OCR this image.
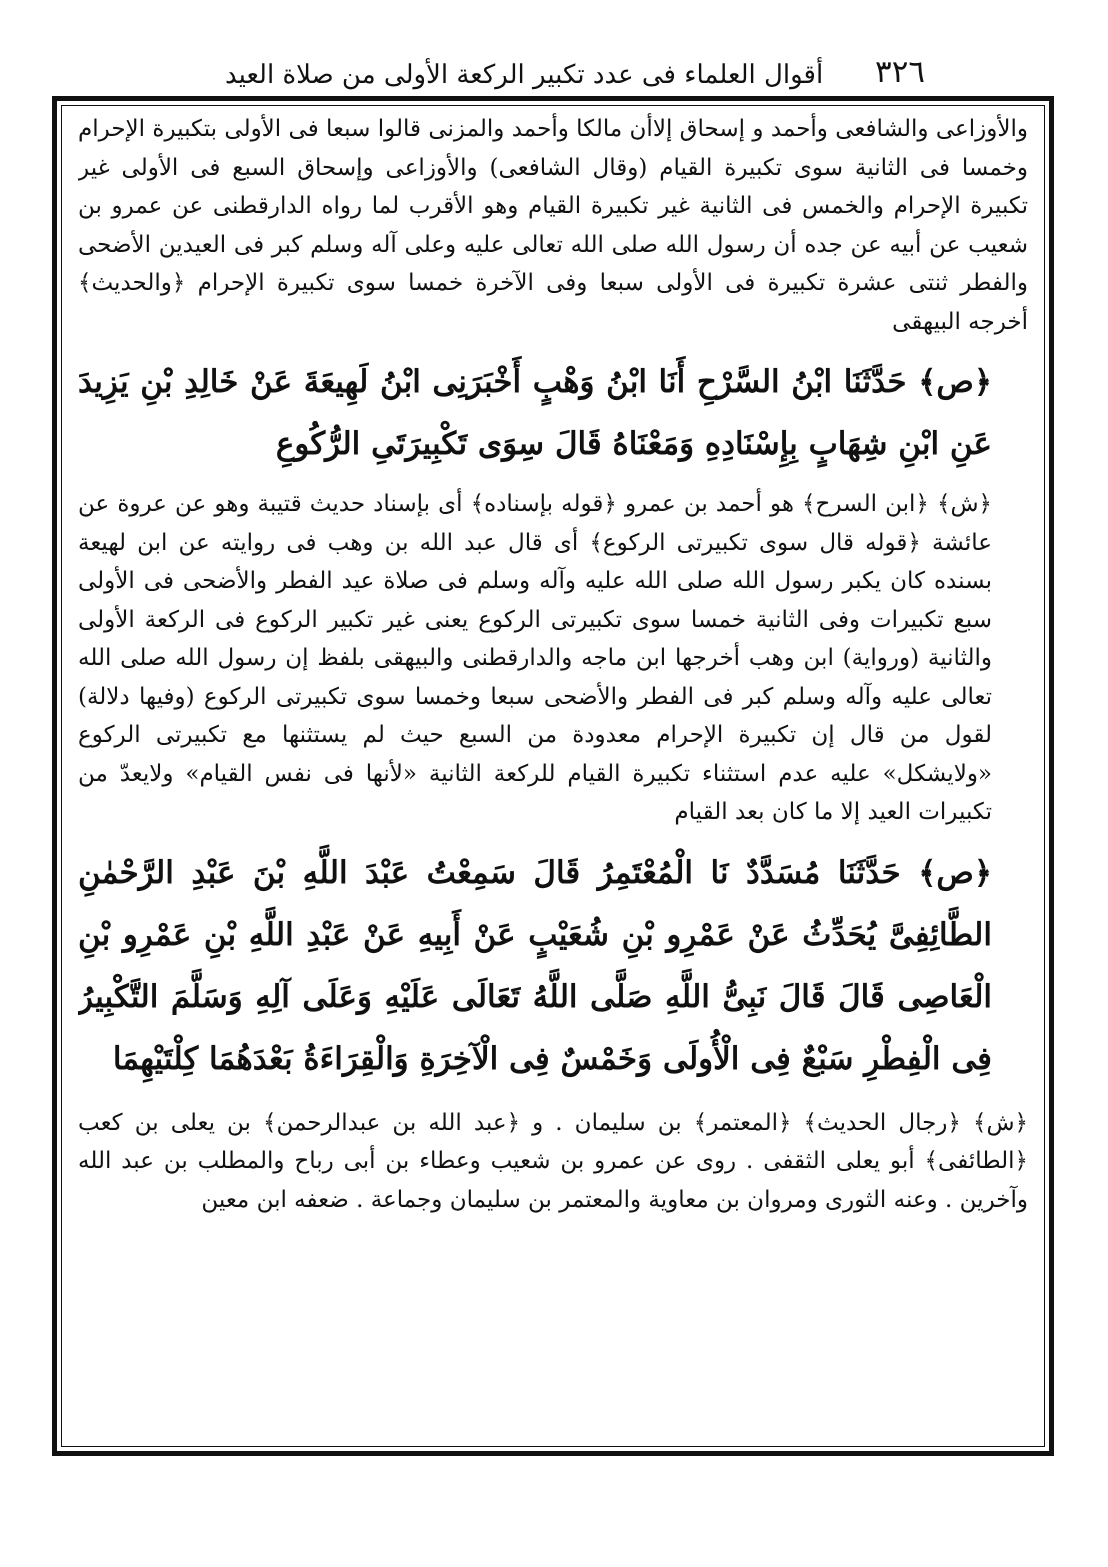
٣٢٦
أقوال العلماء فى عدد تكبير الركعة الأولى من صلاة العيد

والأوزاعى والشافعى وأحمد و إسحاق إلاأن مالكا وأحمد والمزنى قالوا سبعا فى الأولى بتكبيرة الإحرام وخمسا فى الثانية سوى تكبيرة القيام (وقال الشافعى) والأوزاعى وإسحاق السبع فى الأولى غير تكبيرة الإحرام والخمس فى الثانية غير تكبيرة القيام وهو الأقرب لما رواه الدارقطنى عن عمرو بن شعيب عن أبيه عن جده أن رسول الله صلى الله تعالى عليه وعلى آله وسلم كبر فى العيدين الأضحى والفطر ثنتى عشرة تكبيرة فى الأولى سبعا وفى الآخرة خمسا سوى تكبيرة الإحرام ﴿والحديث﴾ أخرجه البيهقى

﴿ص﴾ حَدَّثَنَا ابْنُ السَّرْحِ أَنَا ابْنُ وَهْبٍ أَخْبَرَنِى ابْنُ لَهِيعَةَ عَنْ خَالِدِ بْنِ يَزِيدَ عَنِ ابْنِ شِهَابٍ بِإِسْنَادِهِ وَمَعْنَاهُ قَالَ سِوَى تَكْبِيرَتَىِ الرُّكُوعِ

﴿ش﴾ ﴿ابن السرح﴾ هو أحمد بن عمرو ﴿قوله بإسناده﴾ أى بإسناد حديث قتيبة وهو عن عروة عن عائشة ﴿قوله قال سوى تكبيرتى الركوع﴾ أى قال عبد الله بن وهب فى روايته عن ابن لهيعة بسنده كان يكبر رسول الله صلى الله عليه وآله وسلم فى صلاة عيد الفطر والأضحى فى الأولى سبع تكبيرات وفى الثانية خمسا سوى تكبيرتى الركوع يعنى غير تكبير الركوع فى الركعة الأولى والثانية (ورواية) ابن وهب أخرجها ابن ماجه والدارقطنى والبيهقى بلفظ إن رسول الله صلى الله تعالى عليه وآله وسلم كبر فى الفطر والأضحى سبعا وخمسا سوى تكبيرتى الركوع (وفيها دلالة) لقول من قال إن تكبيرة الإحرام معدودة من السبع حيث لم يستثنها مع تكبيرتى الركوع «ولايشكل» عليه عدم استثناء تكبيرة القيام للركعة الثانية «لأنها فى نفس القيام» ولايعدّ من تكبيرات العيد إلا ما كان بعد القيام

﴿ص﴾ حَدَّثَنَا مُسَدَّدٌ نَا الْمُعْتَمِرُ قَالَ سَمِعْتُ عَبْدَ اللَّهِ بْنَ عَبْدِ الرَّحْمٰنِ الطَّائِفِىَّ يُحَدِّثُ عَنْ عَمْرِو بْنِ شُعَيْبٍ عَنْ أَبِيهِ عَنْ عَبْدِ اللَّهِ بْنِ عَمْرِو بْنِ الْعَاصِى قَالَ قَالَ نَبِىُّ اللَّهِ صَلَّى اللَّهُ تَعَالَى عَلَيْهِ وَعَلَى آلِهِ وَسَلَّمَ التَّكْبِيرُ فِى الْفِطْرِ سَبْعٌ فِى الْأُولَى وَخَمْسٌ فِى الْآخِرَةِ وَالْقِرَاءَةُ بَعْدَهُمَا كِلْتَيْهِمَا

﴿ش﴾ ﴿رجال الحديث﴾ ﴿المعتمر﴾ بن سليمان . و ﴿عبد الله بن عبدالرحمن﴾ بن يعلى بن كعب ﴿الطائفى﴾ أبو يعلى الثقفى . روى عن عمرو بن شعيب وعطاء بن أبى رباح والمطلب بن عبد الله وآخرين . وعنه الثورى ومروان بن معاوية والمعتمر بن سليمان وجماعة . ضعفه ابن معين
